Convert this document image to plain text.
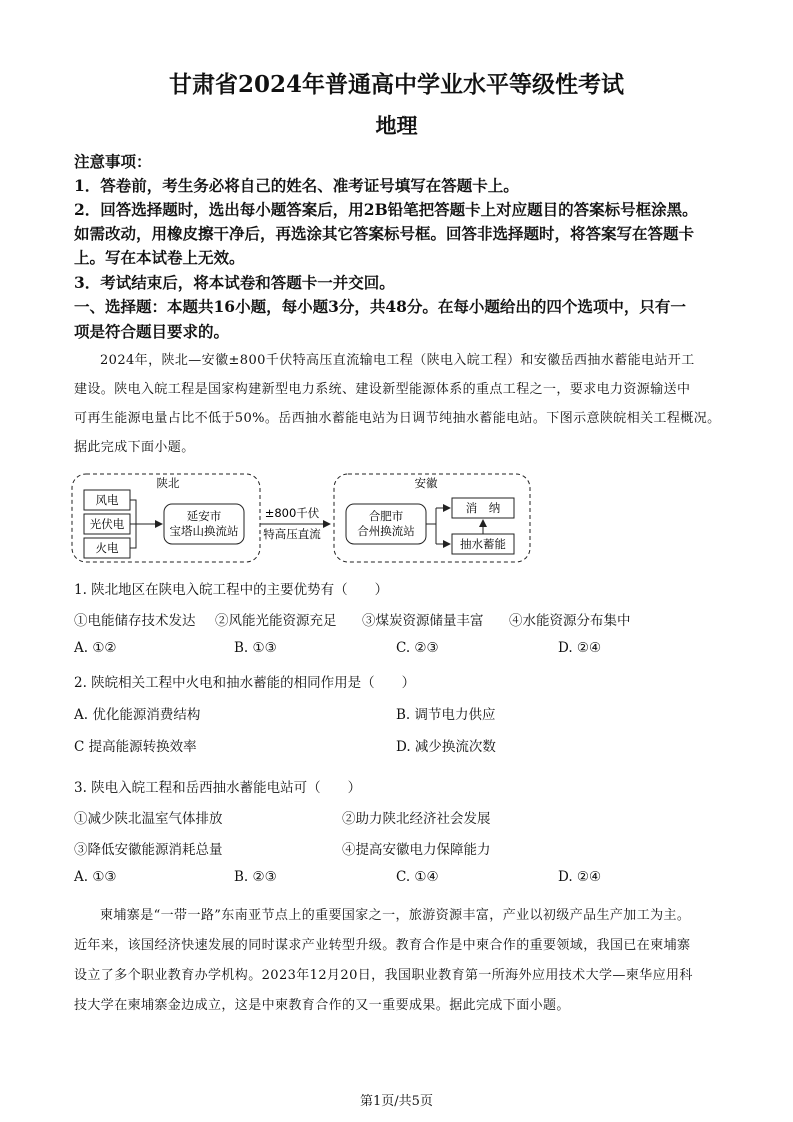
甘肃省2024年普通高中学业水平等级性考试
地理
注意事项：
1．答卷前，考生务必将自己的姓名、准考证号填写在答题卡上。
2．回答选择题时，选出每小题答案后，用2B铅笔把答题卡上对应题目的答案标号框涂黑。
如需改动，用橡皮擦干净后，再选涂其它答案标号框。回答非选择题时，将答案写在答题卡
上。写在本试卷上无效。
3．考试结束后，将本试卷和答题卡一并交回。
一、选择题：本题共16小题，每小题3分，共48分。在每小题给出的四个选项中，只有一
项是符合题目要求的。
2024年，陕北—安徽±800千伏特高压直流输电工程（陕电入皖工程）和安徽岳西抽水蓄能电站开工
建设。陕电入皖工程是国家构建新型电力系统、建设新型能源体系的重点工程之一，要求电力资源输送中
可再生能源电量占比不低于50%。岳西抽水蓄能电站为日调节纯抽水蓄能电站。下图示意陕皖相关工程概况。
据此完成下面小题。
陕北
风电
光伏电
火电
延安市
宝塔山换流站
±800千伏
特高压直流
安徽
合肥市
合州换流站
消　纳
抽水蓄能
1. 陕北地区在陕电入皖工程中的主要优势有（　　）
①电能储存技术发达 ②风能光能资源充足 ③煤炭资源储量丰富 ④水能资源分布集中
A. ①②	B. ①③	C. ②③	D. ②④
2. 陕皖相关工程中火电和抽水蓄能的相同作用是（　　）
A. 优化能源消费结构	B. 调节电力供应
C 提高能源转换效率	D. 减少换流次数
3. 陕电入皖工程和岳西抽水蓄能电站可（　　）
①减少陕北温室气体排放	②助力陕北经济社会发展
③降低安徽能源消耗总量	④提高安徽电力保障能力
A. ①③	B. ②③	C. ①④	D. ②④
柬埔寨是“一带一路”东南亚节点上的重要国家之一，旅游资源丰富，产业以初级产品生产加工为主。
近年来，该国经济快速发展的同时谋求产业转型升级。教育合作是中柬合作的重要领域，我国已在柬埔寨
设立了多个职业教育办学机构。2023年12月20日，我国职业教育第一所海外应用技术大学—柬华应用科
技大学在柬埔寨金边成立，这是中柬教育合作的又一重要成果。据此完成下面小题。
第1页/共5页
